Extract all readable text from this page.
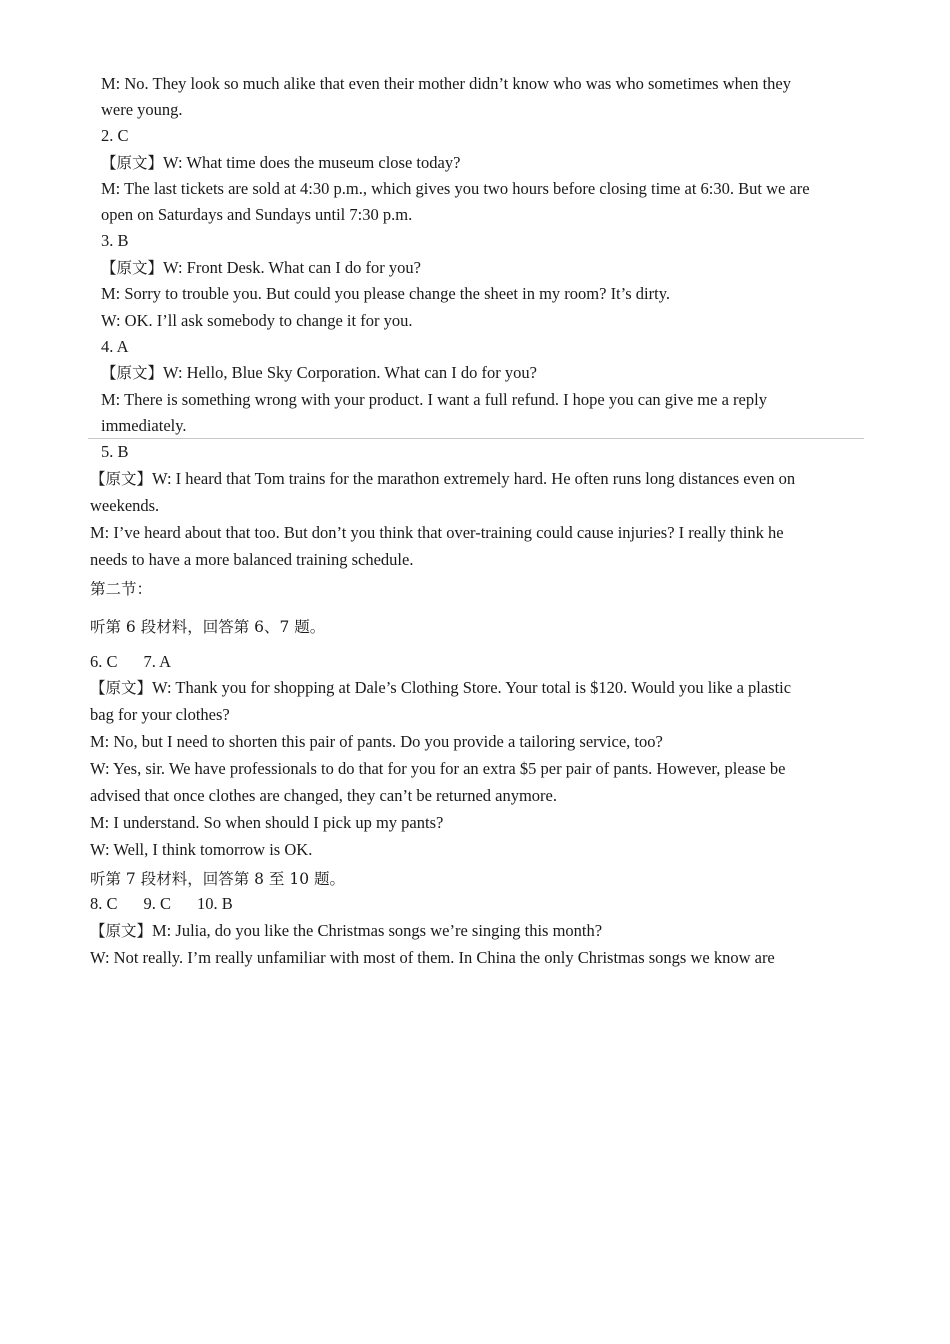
M: No. They look so much alike that even their mother didn’t know who was who sometimes when they
were young.
2. C
【原文】W: What time does the museum close today?
M: The last tickets are sold at 4:30 p.m., which gives you two hours before closing time at 6:30. But we are
open on Saturdays and Sundays until 7:30 p.m.
3. B
【原文】W: Front Desk. What can I do for you?
M: Sorry to trouble you. But could you please change the sheet in my room? It’s dirty.
W: OK. I’ll ask somebody to change it for you.
4. A
【原文】W: Hello, Blue Sky Corporation. What can I do for you?
M: There is something wrong with your product. I want a full refund. I hope you can give me a reply
immediately.
5. B
【原文】W: I heard that Tom trains for the marathon extremely hard. He often runs long distances even on
weekends.
M: I’ve heard about that too. But don’t you think that over-training could cause injuries? I really think he
needs to have a more balanced training schedule.
第二节：
听第 6 段材料，回答第 6、7 题。
6. C 7. A
【原文】W: Thank you for shopping at Dale’s Clothing Store. Your total is $120. Would you like a plastic
bag for your clothes?
M: No, but I need to shorten this pair of pants. Do you provide a tailoring service, too?
W: Yes, sir. We have professionals to do that for you for an extra $5 per pair of pants. However, please be
advised that once clothes are changed, they can’t be returned anymore.
M: I understand. So when should I pick up my pants?
W: Well, I think tomorrow is OK.
听第 7 段材料，回答第 8 至 10 题。
8. C 9. C 10. B
【原文】M: Julia, do you like the Christmas songs we’re singing this month?
W: Not really. I’m really unfamiliar with most of them. In China the only Christmas songs we know are
